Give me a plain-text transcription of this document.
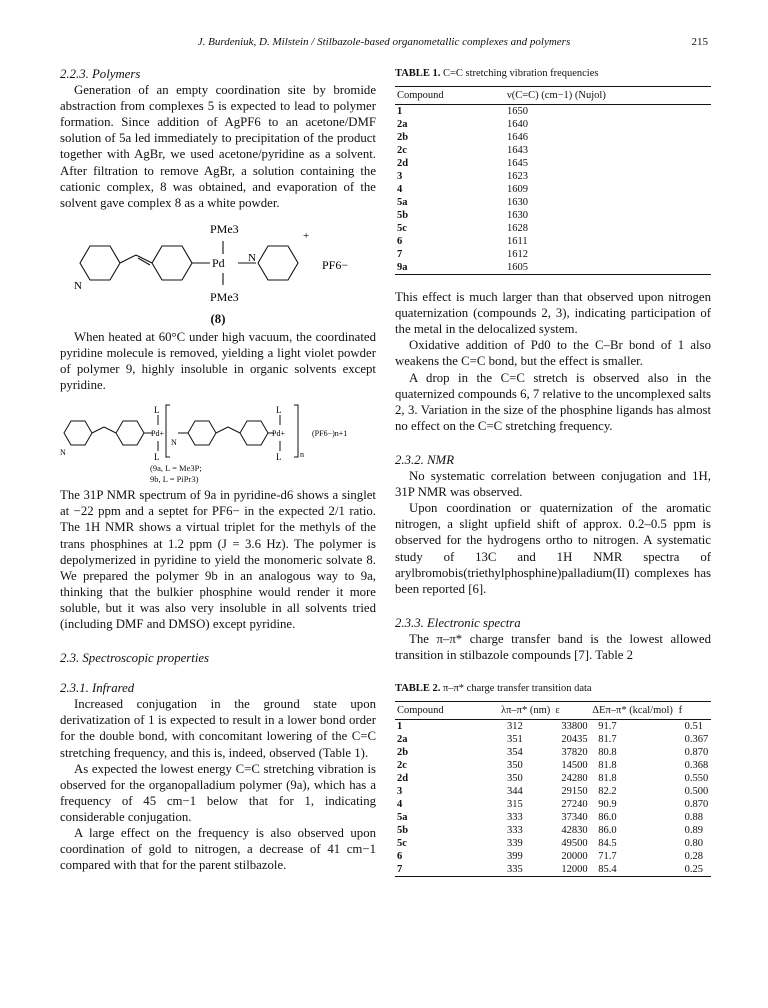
J. Burdeniuk, D. Milstein / Stilbazole-based organometallic complexes and polymers	215

2.2.3. Polymers

Generation of an empty coordination site by bromide abstraction from complexes 5 is expected to lead to polymer formation. Since addition of AgPF6 to an acetone/DMF solution of 5a led immediately to precipitation of the product together with AgBr, we used acetone/pyridine as a solvent. After filtration to remove AgBr, a solution containing the cationic complex, 8 was obtained, and evaporation of the solvent gave complex 8 as a white powder.

Pd
PMe3
PMe3
N
N
+
PF6−

(8)

When heated at 60°C under high vacuum, the coordinated pyridine molecule is removed, yielding a light violet powder of polymer 9, highly insoluble in organic solvents except pyridine.

L
L
Pd+
N
N
L
L
Pd+
n
(PF6−)n+1
(9a, L = Me3P;
9b, L = PiPr3)

The 31P NMR spectrum of 9a in pyridine-d6 shows a singlet at −22 ppm and a septet for PF6− in the expected 2/1 ratio. The 1H NMR shows a virtual triplet for the methyls of the trans phosphines at 1.2 ppm (J = 3.6 Hz). The polymer is depolymerized in pyridine to yield the monomeric solvate 8. We prepared the polymer 9b in an analogous way to 9a, thinking that the bulkier phosphine would render it more soluble, but it was also very insoluble in all solvents tried (including DMF and DMSO) except pyridine.

2.3. Spectroscopic properties

2.3.1. Infrared

Increased conjugation in the ground state upon derivatization of 1 is expected to result in a lower bond order for the double bond, with concomitant lowering of the C=C stretching frequency, and this is, indeed, observed (Table 1).

As expected the lowest energy C=C stretching vibration is observed for the organopalladium polymer (9a), which has a frequency of 45 cm−1 below that for 1, indicating considerable conjugation.

A large effect on the frequency is also observed upon coordination of gold to nitrogen, a decrease of 41 cm−1 compared with that for the parent stilbazole.

TABLE 1. C=C stretching vibration frequencies

Compound	ν(C=C) (cm−1) (Nujol)
1	1650
2a	1640
2b	1646
2c	1643
2d	1645
3	1623
4	1609
5a	1630
5b	1630
5c	1628
6	1611
7	1612
9a	1605

This effect is much larger than that observed upon nitrogen quaternization (compounds 2, 3), indicating participation of the metal in the delocalized system.

Oxidative addition of Pd0 to the C–Br bond of 1 also weakens the C=C bond, but the effect is smaller.

A drop in the C=C stretch is observed also in the quaternized compounds 6, 7 relative to the uncomplexed salts 2, 3. Variation in the size of the phosphine ligands has almost no effect on the C=C stretching frequency.

2.3.2. NMR

No systematic correlation between conjugation and 1H, 31P NMR was observed.

Upon coordination or quaternization of the aromatic nitrogen, a slight upfield shift of approx. 0.2–0.5 ppm is observed for the hydrogens ortho to nitrogen. A systematic study of 13C and 1H NMR spectra of arylbromobis(triethylphosphine)palladium(II) complexes has been reported [6].

2.3.3. Electronic spectra

The π–π* charge transfer band is the lowest allowed transition in stilbazole compounds [7]. Table 2

TABLE 2. π–π* charge transfer transition data

Compound	λπ–π* (nm)	ε	ΔEπ–π* (kcal/mol)	f
1	312	33800	91.7	0.51
2a	351	20435	81.7	0.367
2b	354	37820	80.8	0.870
2c	350	14500	81.8	0.368
2d	350	24280	81.8	0.550
3	344	29150	82.2	0.500
4	315	27240	90.9	0.870
5a	333	37340	86.0	0.88
5b	333	42830	86.0	0.89
5c	339	49500	84.5	0.80
6	399	20000	71.7	0.28
7	335	12000	85.4	0.25
